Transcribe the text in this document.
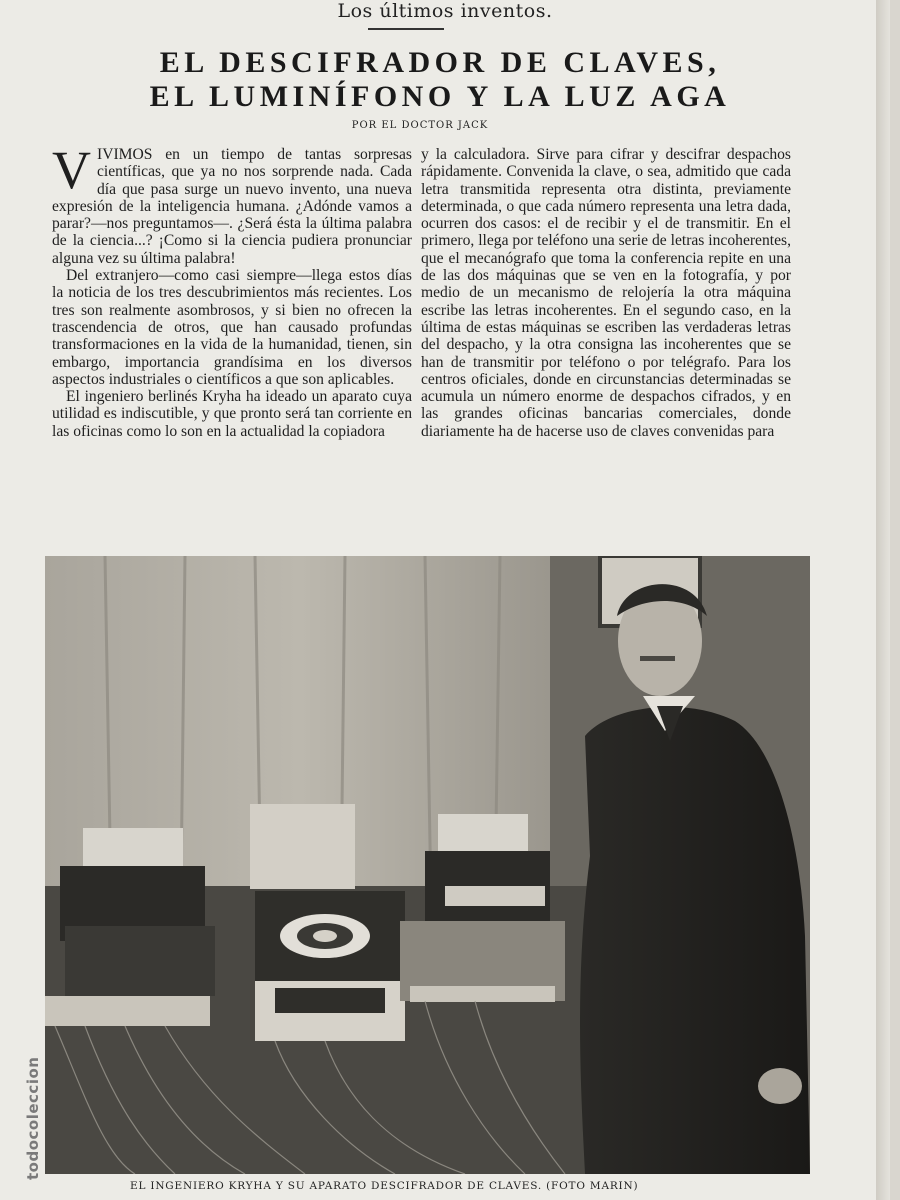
Los últimos inventos.
EL DESCIFRADOR DE CLAVES,
EL LUMINÍFONO Y LA LUZ AGA
POR EL DOCTOR JACK

VIVIMOS en un tiempo de tantas sorpresas científicas, que ya no nos sorprende nada. Cada día que pasa surge un nuevo invento, una nueva expresión de la inteligencia humana. ¿Adónde vamos a parar?—nos preguntamos—. ¿Será ésta la última palabra de la ciencia...? ¡Como si la ciencia pudiera pronunciar alguna vez su última palabra!

Del extranjero—como casi siempre—llega estos días la noticia de los tres descubrimientos más recientes. Los tres son realmente asombrosos, y si bien no ofrecen la trascendencia de otros, que han causado profundas transformaciones en la vida de la humanidad, tienen, sin embargo, importancia grandísima en los diversos aspectos industriales o científicos a que son aplicables.

El ingeniero berlinés Kryha ha ideado un aparato cuya utilidad es indiscutible, y que pronto será tan corriente en las oficinas como lo son en la actualidad la copiadora

y la calculadora. Sirve para cifrar y descifrar despachos rápidamente. Convenida la clave, o sea, admitido que cada letra transmitida representa otra distinta, previamente determinada, o que cada número representa una letra dada, ocurren dos casos: el de recibir y el de transmitir. En el primero, llega por teléfono una serie de letras incoherentes, que el mecanógrafo que toma la conferencia repite en una de las dos máquinas que se ven en la fotografía, y por medio de un mecanismo de relojería la otra máquina escribe las letras incoherentes. En el segundo caso, en la última de estas máquinas se escriben las verdaderas letras del despacho, y la otra consigna las incoherentes que se han de transmitir por teléfono o por telégrafo. Para los centros oficiales, donde en circunstancias determinadas se acumula un número enorme de despachos cifrados, y en las grandes oficinas bancarias comerciales, donde diariamente ha de hacerse uso de claves convenidas para

EL INGENIERO KRYHA Y SU APARATO DESCIFRADOR DE CLAVES. (FOTO MARIN)
todocoleccion
